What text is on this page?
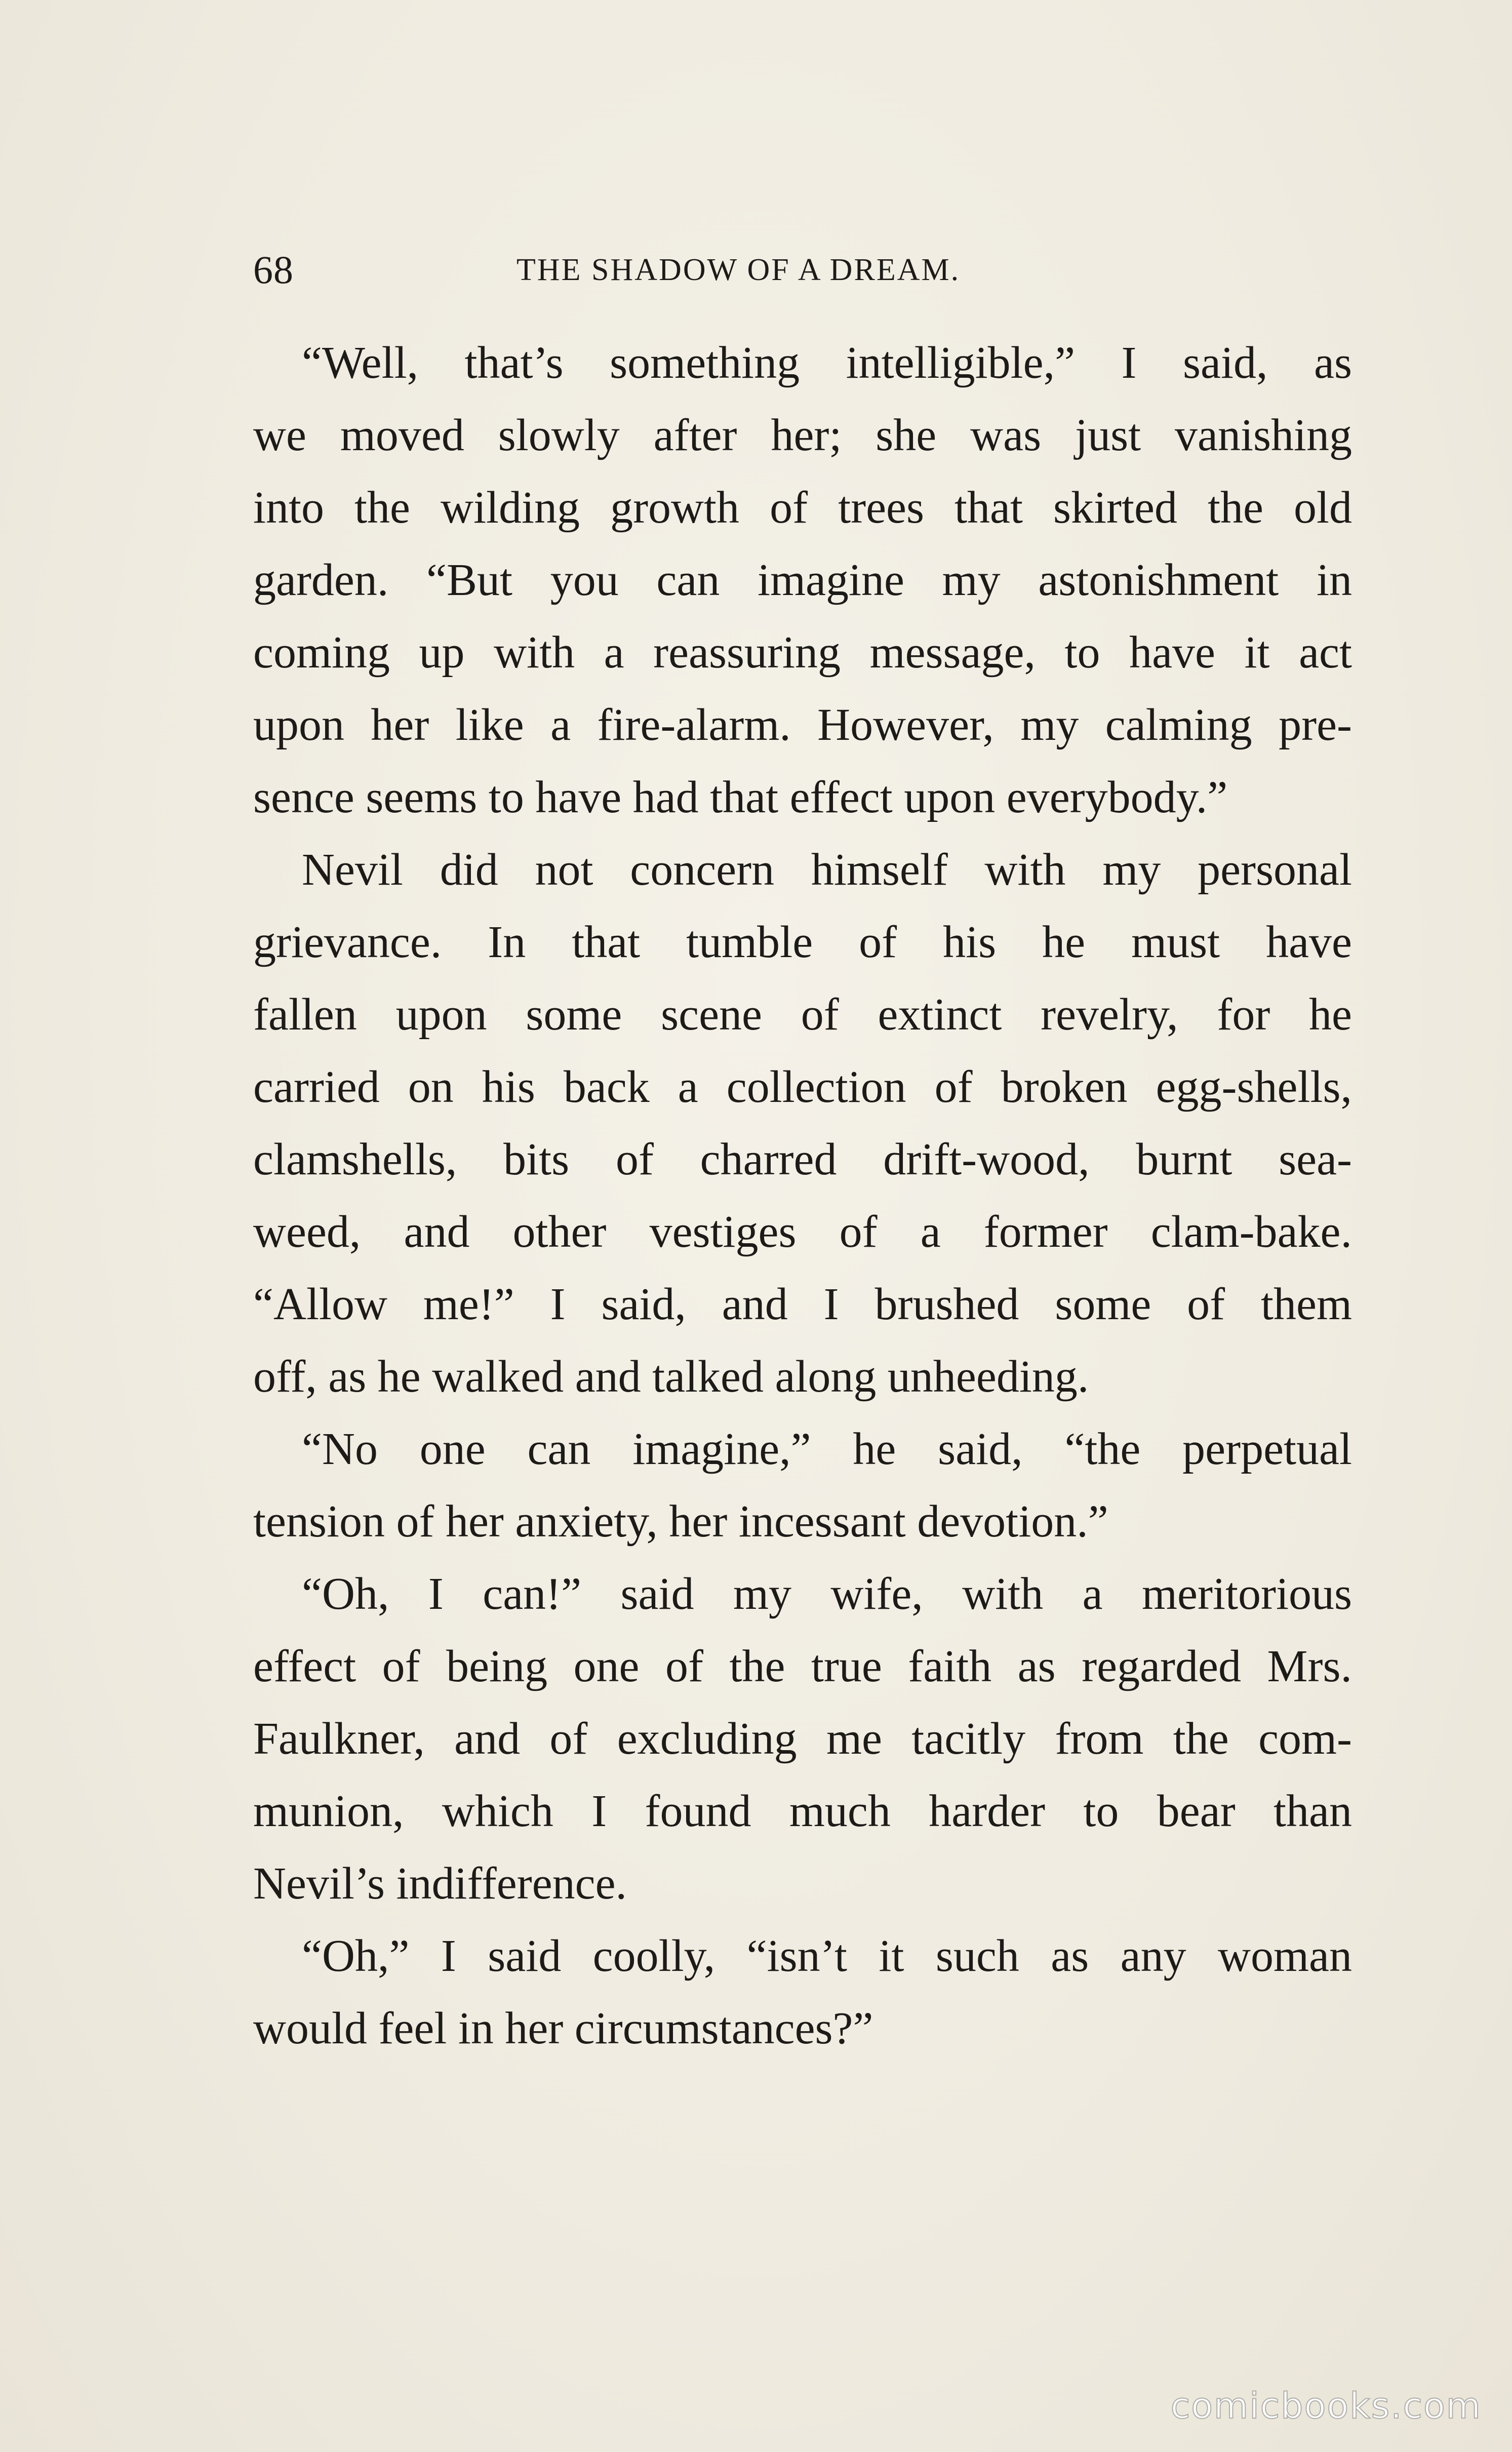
68	THE SHADOW OF A DREAM.
“Well, that’s something intelligible,” I said, as
we moved slowly after her; she was just vanishing
into the wilding growth of trees that skirted the old
garden. “But you can imagine my astonishment in
coming up with a reassuring message, to have it act
upon her like a fire-alarm. However, my calming pre-
sence seems to have had that effect upon everybody.”
Nevil did not concern himself with my personal
grievance. In that tumble of his he must have
fallen upon some scene of extinct revelry, for he
carried on his back a collection of broken egg-shells,
clamshells, bits of charred drift-wood, burnt sea-
weed, and other vestiges of a former clam-bake.
“Allow me!” I said, and I brushed some of them
off, as he walked and talked along unheeding.
“No one can imagine,” he said, “the perpetual
tension of her anxiety, her incessant devotion.”
“Oh, I can!” said my wife, with a meritorious
effect of being one of the true faith as regarded Mrs.
Faulkner, and of excluding me tacitly from the com-
munion, which I found much harder to bear than
Nevil’s indifference.
“Oh,” I said coolly, “isn’t it such as any woman
would feel in her circumstances?”
comicbooks.com
